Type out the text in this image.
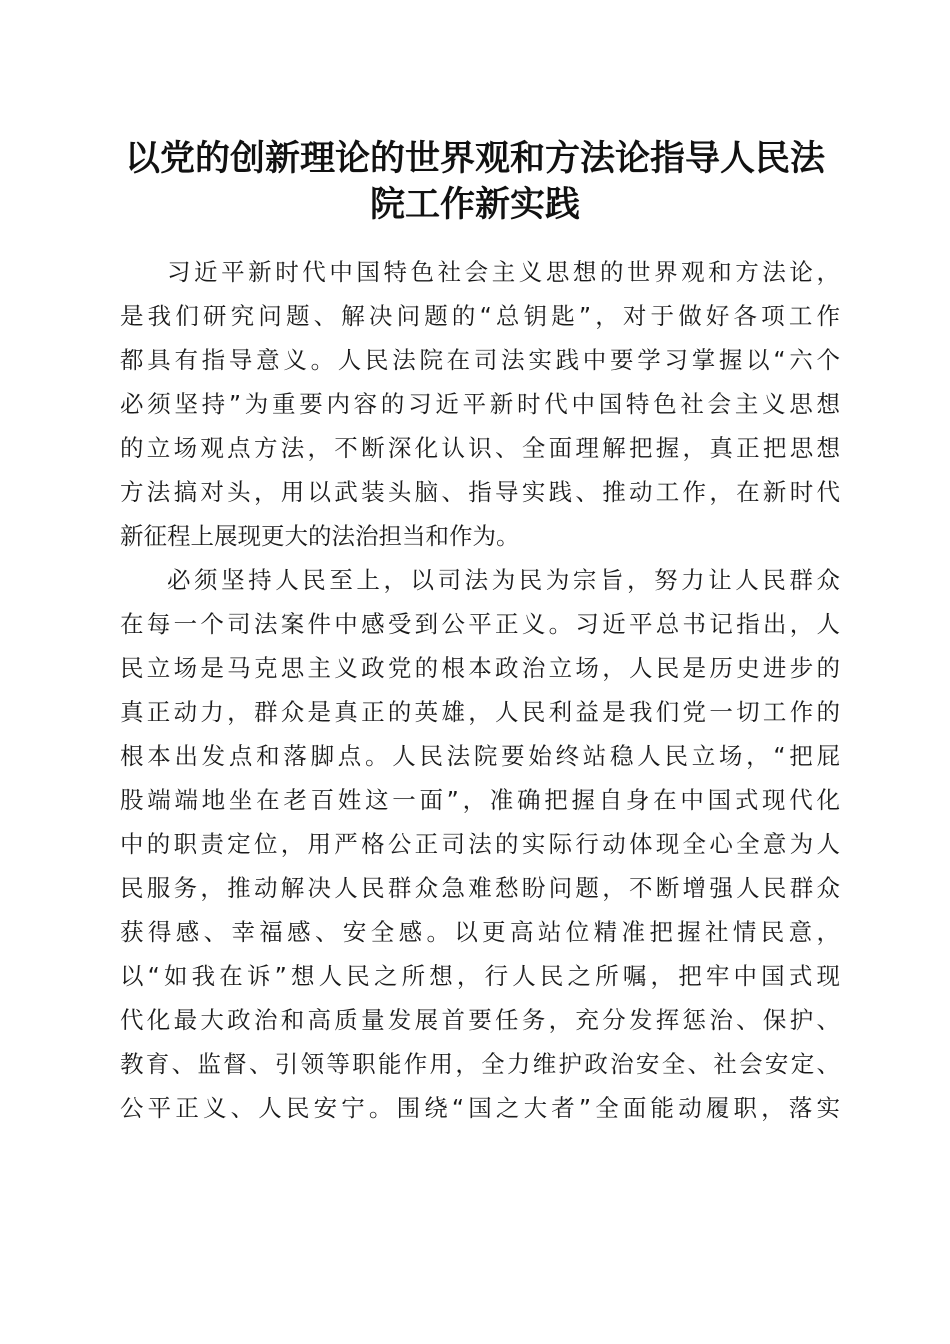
以党的创新理论的世界观和方法论指导人民法
院工作新实践
习近平新时代中国特色社会主义思想的世界观和方法论，
是我们研究问题、解决问题的“总钥匙”，对于做好各项工作
都具有指导意义。人民法院在司法实践中要学习掌握以“六个
必须坚持”为重要内容的习近平新时代中国特色社会主义思想
的立场观点方法，不断深化认识、全面理解把握，真正把思想
方法搞对头，用以武装头脑、指导实践、推动工作，在新时代
新征程上展现更大的法治担当和作为。
必须坚持人民至上，以司法为民为宗旨，努力让人民群众
在每一个司法案件中感受到公平正义。习近平总书记指出，人
民立场是马克思主义政党的根本政治立场，人民是历史进步的
真正动力，群众是真正的英雄，人民利益是我们党一切工作的
根本出发点和落脚点。人民法院要始终站稳人民立场，“把屁
股端端地坐在老百姓这一面”，准确把握自身在中国式现代化
中的职责定位，用严格公正司法的实际行动体现全心全意为人
民服务，推动解决人民群众急难愁盼问题，不断增强人民群众
获得感、幸福感、安全感。以更高站位精准把握社情民意，
以“如我在诉”想人民之所想，行人民之所嘱，把牢中国式现
代化最大政治和高质量发展首要任务，充分发挥惩治、保护、
教育、监督、引领等职能作用，全力维护政治安全、社会安定、
公平正义、人民安宁。围绕“国之大者”全面能动履职，落实
